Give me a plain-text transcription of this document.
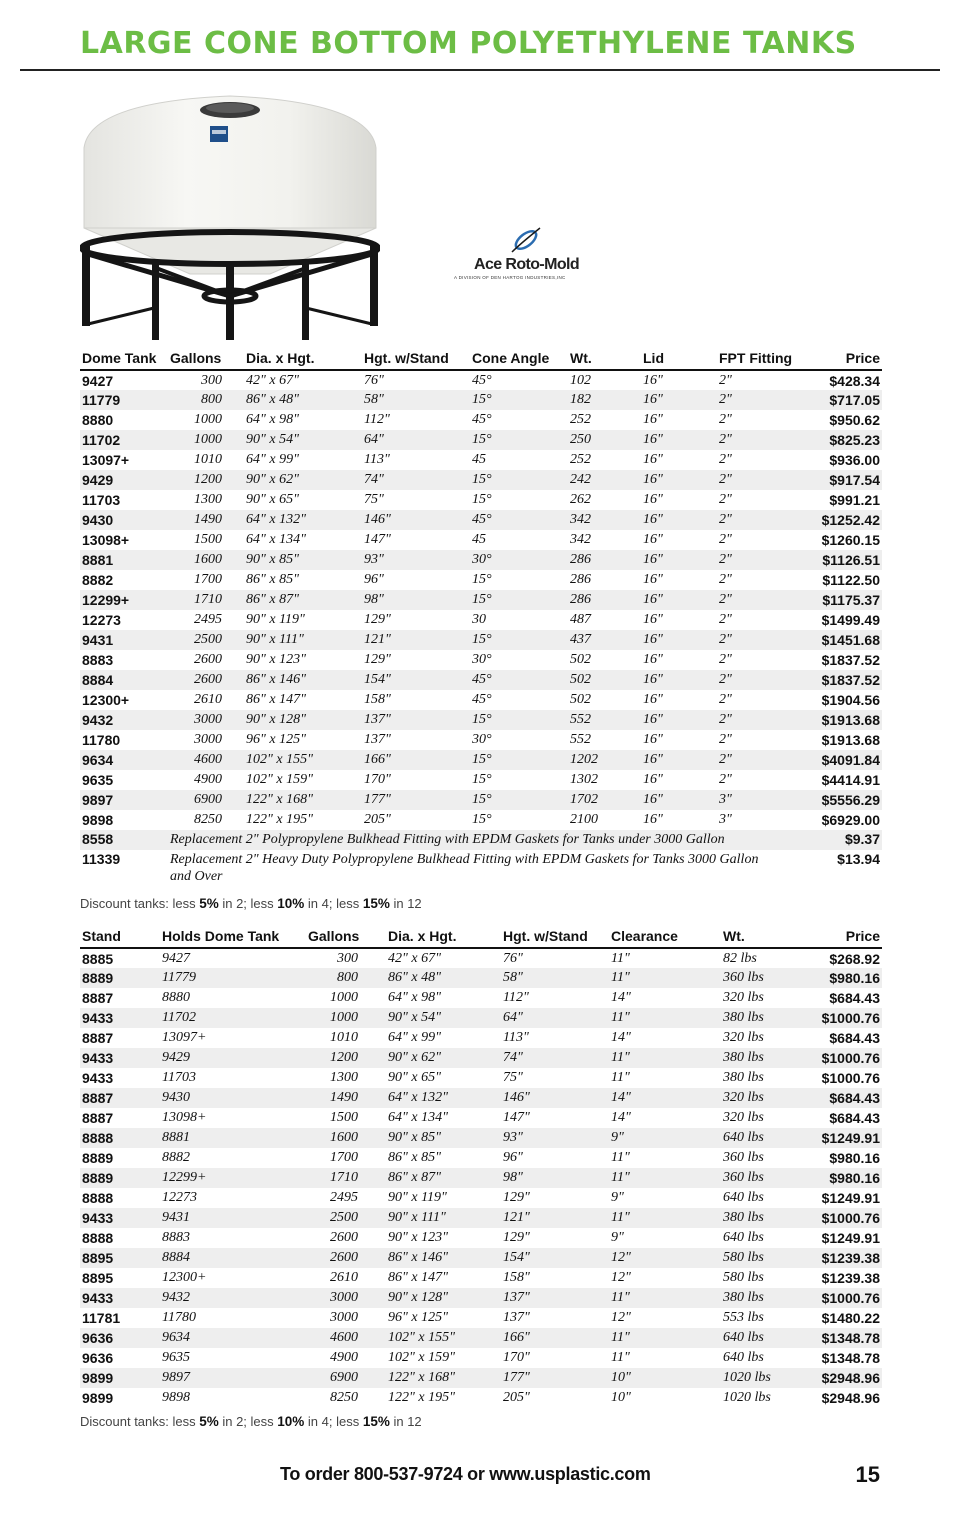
LARGE CONE BOTTOM POLYETHYLENE TANKS
Ace Roto-Mold
A DIVISION OF DEN HARTOG INDUSTRIES,INC
Dome Tank	Gallons	Dia. x Hgt.	Hgt. w/Stand	Cone Angle	Wt.	Lid	FPT Fitting	Price
9427	300	42" x 67"	76"	45°	102	16"	2"	$428.34
11779	800	86" x 48"	58"	15°	182	16"	2"	$717.05
8880	1000	64" x 98"	112"	45°	252	16"	2"	$950.62
11702	1000	90" x 54"	64"	15°	250	16"	2"	$825.23
13097+	1010	64" x 99"	113"	45	252	16"	2"	$936.00
9429	1200	90" x 62"	74"	15°	242	16"	2"	$917.54
11703	1300	90" x 65"	75"	15°	262	16"	2"	$991.21
9430	1490	64" x 132"	146"	45°	342	16"	2"	$1252.42
13098+	1500	64" x 134"	147"	45	342	16"	2"	$1260.15
8881	1600	90" x 85"	93"	30°	286	16"	2"	$1126.51
8882	1700	86" x 85"	96"	15°	286	16"	2"	$1122.50
12299+	1710	86" x 87"	98"	15°	286	16"	2"	$1175.37
12273	2495	90" x 119"	129"	30	487	16"	2"	$1499.49
9431	2500	90" x 111"	121"	15°	437	16"	2"	$1451.68
8883	2600	90" x 123"	129"	30°	502	16"	2"	$1837.52
8884	2600	86" x 146"	154"	45°	502	16"	2"	$1837.52
12300+	2610	86" x 147"	158"	45°	502	16"	2"	$1904.56
9432	3000	90" x 128"	137"	15°	552	16"	2"	$1913.68
11780	3000	96" x 125"	137"	30°	552	16"	2"	$1913.68
9634	4600	102" x 155"	166"	15°	1202	16"	2"	$4091.84
9635	4900	102" x 159"	170"	15°	1302	16"	2"	$4414.91
9897	6900	122" x 168"	177"	15°	1702	16"	3"	$5556.29
9898	8250	122" x 195"	205"	15°	2100	16"	3"	$6929.00
8558	Replacement 2" Polypropylene Bulkhead Fitting with EPDM Gaskets for Tanks under 3000 Gallon							$9.37
11339	Replacement 2" Heavy Duty Polypropylene Bulkhead Fitting with EPDM Gaskets for Tanks 3000 Gallon and Over							$13.94
Discount tanks: less 5% in 2; less 10% in 4; less 15% in 12
Stand	Holds Dome Tank	Gallons	Dia. x Hgt.	Hgt. w/Stand	Clearance	Wt.	Price
8885	9427	300	42" x 67"	76"	11"	82 lbs	$268.92
8889	11779	800	86" x 48"	58"	11"	360 lbs	$980.16
8887	8880	1000	64" x 98"	112"	14"	320 lbs	$684.43
9433	11702	1000	90" x 54"	64"	11"	380 lbs	$1000.76
8887	13097+	1010	64" x 99"	113"	14"	320 lbs	$684.43
9433	9429	1200	90" x 62"	74"	11"	380 lbs	$1000.76
9433	11703	1300	90" x 65"	75"	11"	380 lbs	$1000.76
8887	9430	1490	64" x 132"	146"	14"	320 lbs	$684.43
8887	13098+	1500	64" x 134"	147"	14"	320 lbs	$684.43
8888	8881	1600	90" x 85"	93"	9"	640 lbs	$1249.91
8889	8882	1700	86" x 85"	96"	11"	360 lbs	$980.16
8889	12299+	1710	86" x 87"	98"	11"	360 lbs	$980.16
8888	12273	2495	90" x 119"	129"	9"	640 lbs	$1249.91
9433	9431	2500	90" x 111"	121"	11"	380 lbs	$1000.76
8888	8883	2600	90" x 123"	129"	9"	640 lbs	$1249.91
8895	8884	2600	86" x 146"	154"	12"	580 lbs	$1239.38
8895	12300+	2610	86" x 147"	158"	12"	580 lbs	$1239.38
9433	9432	3000	90" x 128"	137"	11"	380 lbs	$1000.76
11781	11780	3000	96" x 125"	137"	12"	553 lbs	$1480.22
9636	9634	4600	102" x 155"	166"	11"	640 lbs	$1348.78
9636	9635	4900	102" x 159"	170"	11"	640 lbs	$1348.78
9899	9897	6900	122" x 168"	177"	10"	1020 lbs	$2948.96
9899	9898	8250	122" x 195"	205"	10"	1020 lbs	$2948.96
Discount tanks: less 5% in 2; less 10% in 4; less 15% in 12
To order 800-537-9724 or www.usplastic.com	15
